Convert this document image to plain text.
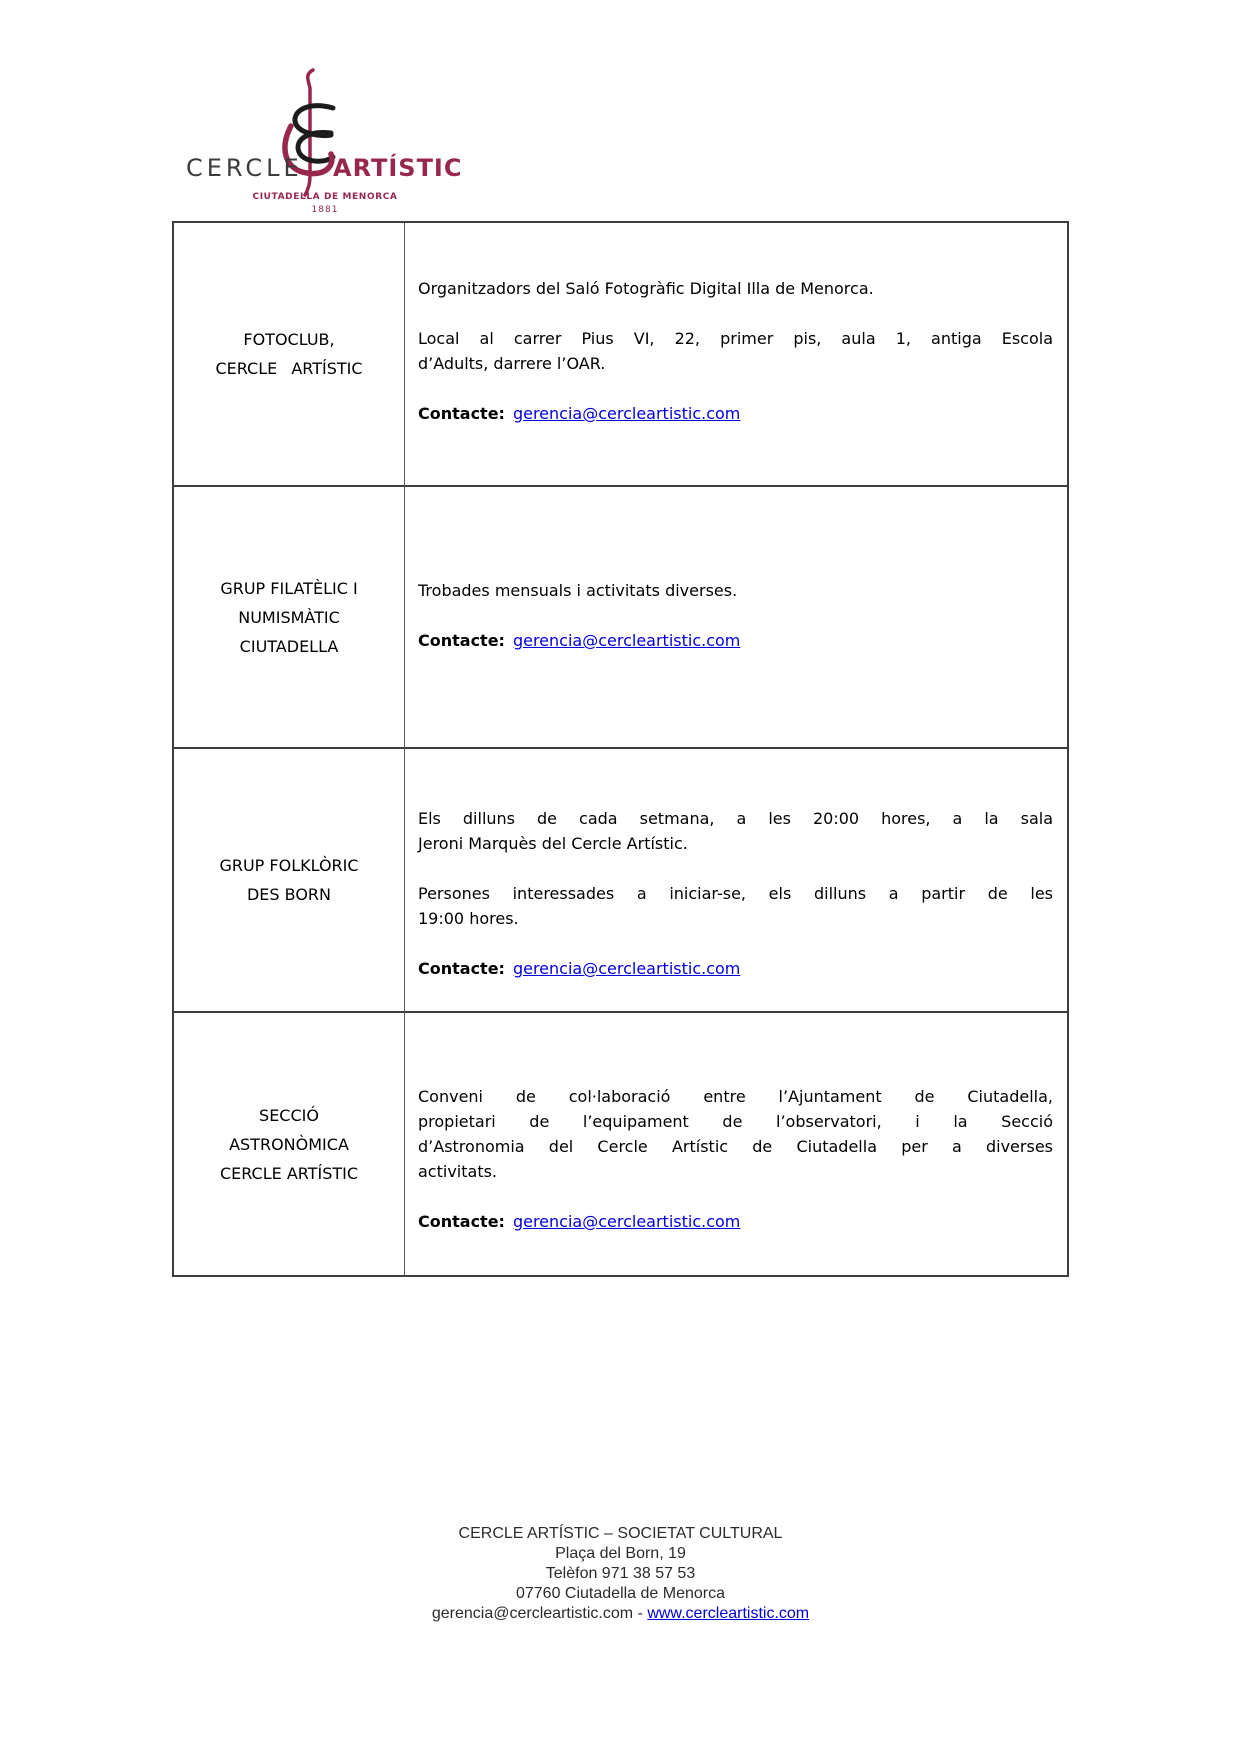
CERCLE ARTÍSTIC
CIUTADELLA DE MENORCA
1881
FOTOCLUB,
CERCLE ARTÍSTIC
Organitzadors del Saló Fotogràfic Digital Illa de Menorca.
Local al carrer Pius VI, 22, primer pis, aula 1, antiga Escola
d’Adults, darrere l’OAR.
Contacte: gerencia@cercleartistic.com
GRUP FILATÈLIC I
NUMISMÀTIC
CIUTADELLA
Trobades mensuals i activitats diverses.
Contacte: gerencia@cercleartistic.com
GRUP FOLKLÒRIC
DES BORN
Els dilluns de cada setmana, a les 20:00 hores, a la sala
Jeroni Marquès del Cercle Artístic.
Persones interessades a iniciar-se, els dilluns a partir de les
19:00 hores.
Contacte: gerencia@cercleartistic.com
SECCIÓ
ASTRONÒMICA
CERCLE ARTÍSTIC
Conveni de col·laboració entre l’Ajuntament de Ciutadella,
propietari de l’equipament de l’observatori, i la Secció
d’Astronomia del Cercle Artístic de Ciutadella per a diverses
activitats.
Contacte: gerencia@cercleartistic.com
CERCLE ARTÍSTIC – SOCIETAT CULTURAL
Plaça del Born, 19
Telèfon 971 38 57 53
07760 Ciutadella de Menorca
gerencia@cercleartistic.com - www.cercleartistic.com
